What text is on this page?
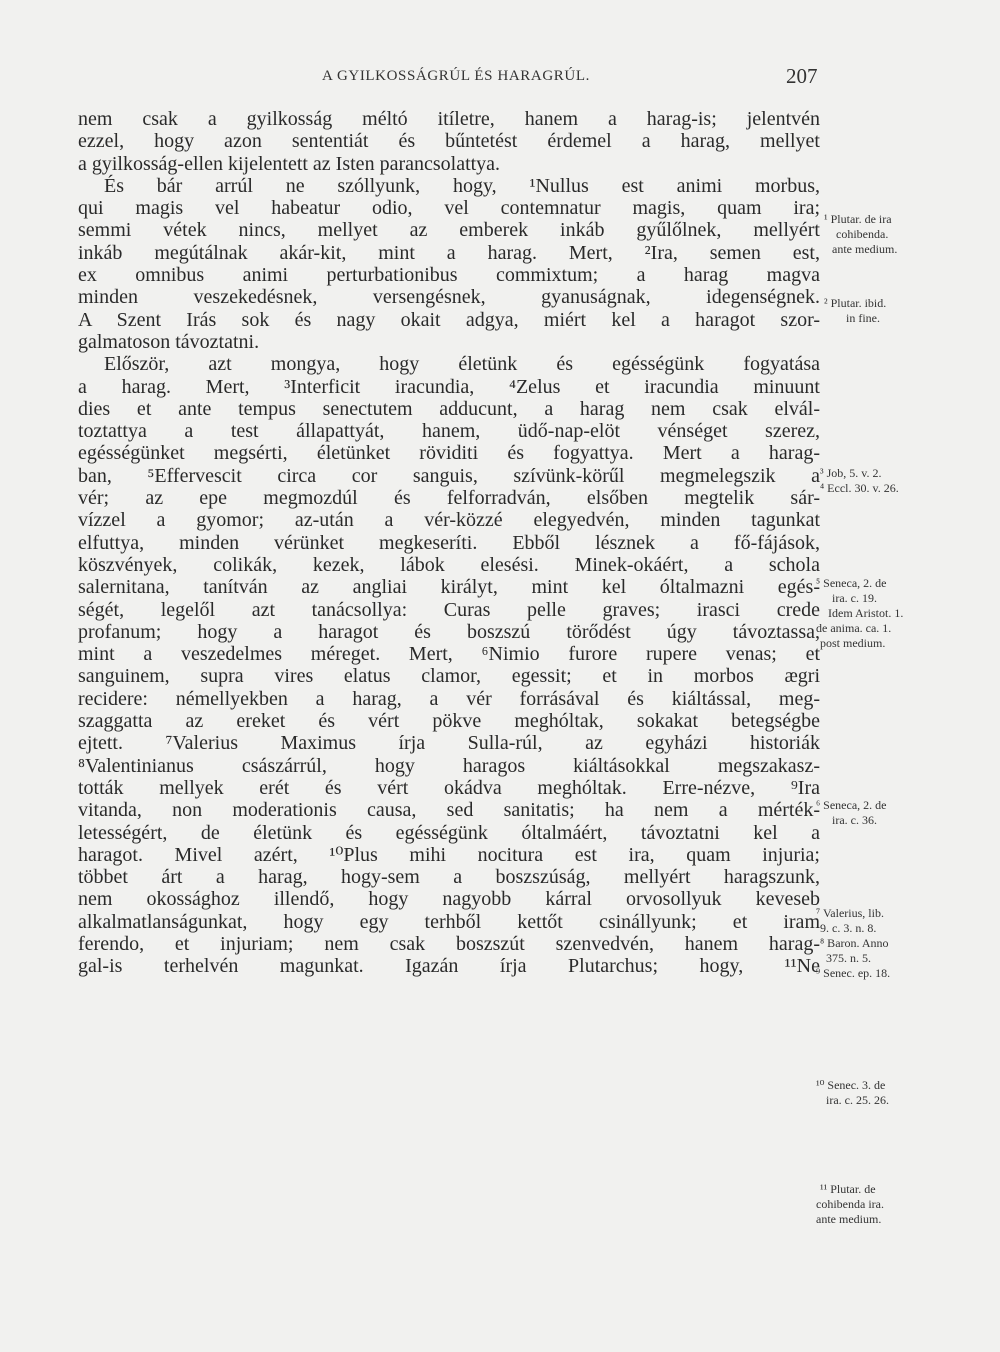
A GYILKOSSÁGRÚL ÉS HARAGRÚL.	207
nem csak a gyilkosság méltó itíletre, hanem a harag-is; jelentvén
ezzel, hogy azon sententiát és bűntetést érdemel a harag, mellyet
a gyilkosság-ellen kijelentett az Isten parancsolattya.
És bár arrúl ne szóllyunk, hogy, ¹Nullus est animi morbus,
qui magis vel habeatur odio, vel contemnatur magis, quam ira;
semmi vétek nincs, mellyet az emberek inkáb gyűlőlnek, mellyért
inkáb megútálnak akár-kit, mint a harag. Mert, ²Ira, semen est,
ex omnibus animi perturbationibus commixtum; a harag magva
minden veszekedésnek, versengésnek, gyanuságnak, idegenségnek.
A Szent Irás sok és nagy okait adgya, miért kel a haragot szor-
galmatoson távoztatni.
Először, azt mongya, hogy életünk és egésségünk fogyatása
a harag. Mert, ³Interficit iracundia, ⁴Zelus et iracundia minuunt
dies et ante tempus senectutem adducunt, a harag nem csak elvál-
toztattya a test állapattyát, hanem, üdő-nap-elöt vénséget szerez,
egésségünket megsérti, életünket röviditi és fogyattya. Mert a harag-
ban, ⁵Effervescit circa cor sanguis, szívünk-körűl megmelegszik a
vér; az epe megmozdúl és felforradván, elsőben megtelik sár-
vízzel a gyomor; az-után a vér-közzé elegyedvén, minden tagunkat
elfuttya, minden vérünket megkeseríti. Ebből lésznek a fő-fájások,
köszvények, colikák, kezek, lábok elesési. Minek-okáért, a schola
salernitana, tanítván az angliai királyt, mint kel óltalmazni egés-
ségét, legelől azt tanácsollya: Curas pelle graves; irasci crede
profanum; hogy a haragot és boszszú törődést úgy távoztassa,
mint a veszedelmes méreget. Mert, ⁶Nimio furore rupere venas; et
sanguinem, supra vires elatus clamor, egessit; et in morbos ægri
recidere: némellyekben a harag, a vér forrásával és kiáltással, meg-
szaggatta az ereket és vért pökve meghóltak, sokakat betegségbe
ejtett. ⁷Valerius Maximus írja Sulla-rúl, az egyházi historiák
⁸Valentinianus császárrúl, hogy haragos kiáltásokkal megszakasz-
tották mellyek erét és vért okádva meghóltak. Erre-nézve, ⁹Ira
vitanda, non moderationis causa, sed sanitatis; ha nem a mérték-
letességért, de életünk és egésségünk óltalmáért, távoztatni kel a
haragot. Mivel azért, ¹⁰Plus mihi nocitura est ira, quam injuria;
többet árt a harag, hogy-sem a boszszúság, mellyért haragszunk,
nem okossághoz illendő, hogy nagyobb kárral orvosollyuk keveseb
alkalmatlanságunkat, hogy egy terhből kettőt csinállyunk; et iram
ferendo, et injuriam; nem csak boszszút szenvedvén, hanem harag-
gal-is terhelvén magunkat. Igazán írja Plutarchus; hogy, ¹¹Ne
¹ Plutar. de ira
cohibenda.
ante medium.
² Plutar. ibid.
in fine.
³ Job, 5. v. 2.
⁴ Eccl. 30. v. 26.
⁵ Seneca, 2. de
ira. c. 19.
Idem Aristot. 1.
de anima. ca. 1.
post medium.
⁶ Seneca, 2. de
ira. c. 36.
⁷ Valerius, lib.
9. c. 3. n. 8.
⁸ Baron. Anno
375. n. 5.
⁹ Senec. ep. 18.
¹⁰ Senec. 3. de
ira. c. 25. 26.
¹¹ Plutar. de
cohibenda ira.
ante medium.
